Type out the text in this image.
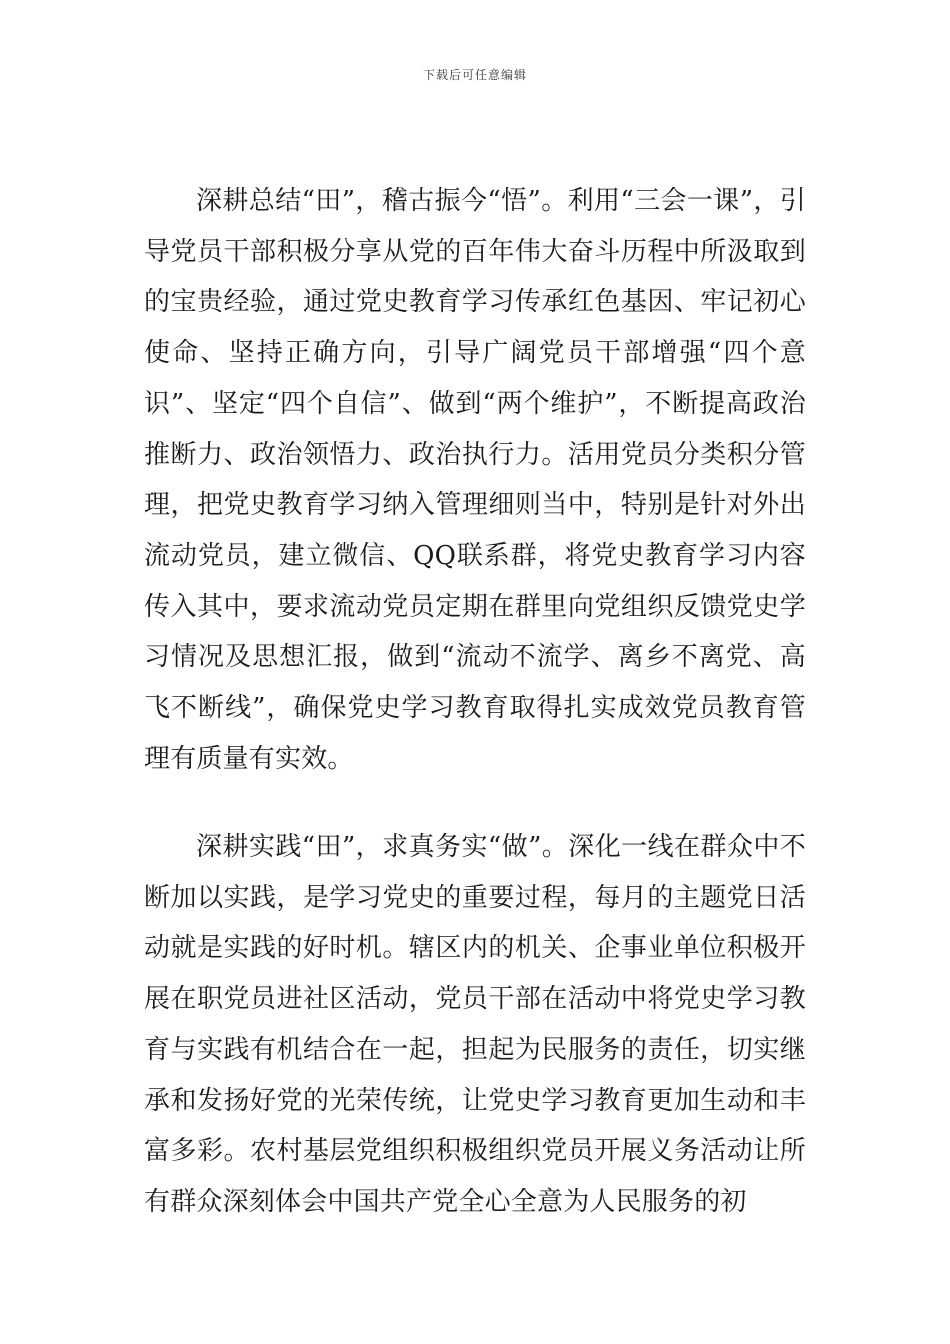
下载后可任意编辑

深耕总结“田”，稽古振今“悟”。利用“三会一课”，引导党员干部积极分享从党的百年伟大奋斗历程中所汲取到的宝贵经验，通过党史教育学习传承红色基因、牢记初心使命、坚持正确方向，引导广阔党员干部增强“四个意识”、坚定“四个自信”、做到“两个维护”，不断提高政治推断力、政治领悟力、政治执行力。活用党员分类积分管理，把党史教育学习纳入管理细则当中，特别是针对外出流动党员，建立微信、QQ联系群，将党史教育学习内容传入其中，要求流动党员定期在群里向党组织反馈党史学习情况及思想汇报，做到“流动不流学、离乡不离党、高飞不断线”，确保党史学习教育取得扎实成效党员教育管理有质量有实效。

深耕实践“田”，求真务实“做”。深化一线在群众中不断加以实践，是学习党史的重要过程，每月的主题党日活动就是实践的好时机。辖区内的机关、企事业单位积极开展在职党员进社区活动，党员干部在活动中将党史学习教育与实践有机结合在一起，担起为民服务的责任，切实继承和发扬好党的光荣传统，让党史学习教育更加生动和丰富多彩。农村基层党组织积极组织党员开展义务活动让所有群众深刻体会中国共产党全心全意为人民服务的初
